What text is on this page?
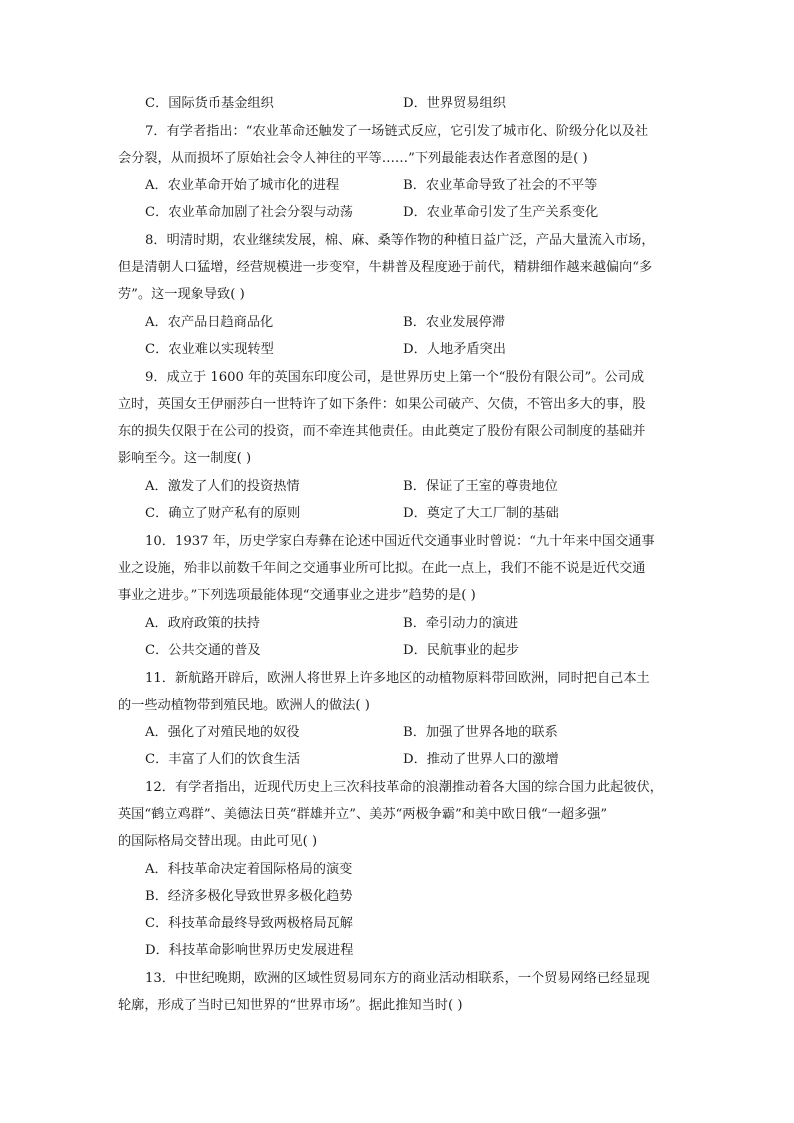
C．国际货币基金组织	D．世界贸易组织
7．有学者指出：“农业革命还触发了一场链式反应，它引发了城市化、阶级分化以及社
会分裂，从而损坏了原始社会令人神往的平等……”下列最能表达作者意图的是( )
A．农业革命开始了城市化的进程	B．农业革命导致了社会的不平等
C．农业革命加剧了社会分裂与动荡	D．农业革命引发了生产关系变化
8．明清时期，农业继续发展，棉、麻、桑等作物的种植日益广泛，产品大量流入市场，
但是清朝人口猛增，经营规模进一步变窄，牛耕普及程度逊于前代，精耕细作越来越偏向“多
劳”。这一现象导致( )
A．农产品日趋商品化	B．农业发展停滞
C．农业难以实现转型	D．人地矛盾突出
9．成立于 1600 年的英国东印度公司，是世界历史上第一个“股份有限公司”。公司成
立时，英国女王伊丽莎白一世特许了如下条件：如果公司破产、欠债，不管出多大的事，股
东的损失仅限于在公司的投资，而不牵连其他责任。由此奠定了股份有限公司制度的基础并
影响至今。这一制度( )
A．激发了人们的投资热情	B．保证了王室的尊贵地位
C．确立了财产私有的原则	D．奠定了大工厂制的基础
10．1937 年，历史学家白寿彝在论述中国近代交通事业时曾说：“九十年来中国交通事
业之设施，殆非以前数千年间之交通事业所可比拟。在此一点上，我们不能不说是近代交通
事业之进步。”下列选项最能体现“交通事业之进步”趋势的是( )
A．政府政策的扶持	B．牵引动力的演进
C．公共交通的普及	D．民航事业的起步
11．新航路开辟后，欧洲人将世界上许多地区的动植物原料带回欧洲，同时把自己本土
的一些动植物带到殖民地。欧洲人的做法( )
A．强化了对殖民地的奴役	B．加强了世界各地的联系
C．丰富了人们的饮食生活	D．推动了世界人口的激增
12．有学者指出，近现代历史上三次科技革命的浪潮推动着各大国的综合国力此起彼伏，
英国“鹤立鸡群”、美德法日英“群雄并立”、美苏“两极争霸”和美中欧日俄“一超多强”
的国际格局交替出现。由此可见( )
A．科技革命决定着国际格局的演变
B．经济多极化导致世界多极化趋势
C．科技革命最终导致两极格局瓦解
D．科技革命影响世界历史发展进程
13．中世纪晚期，欧洲的区域性贸易同东方的商业活动相联系，一个贸易网络已经显现
轮廓，形成了当时已知世界的“世界市场”。据此推知当时( )
